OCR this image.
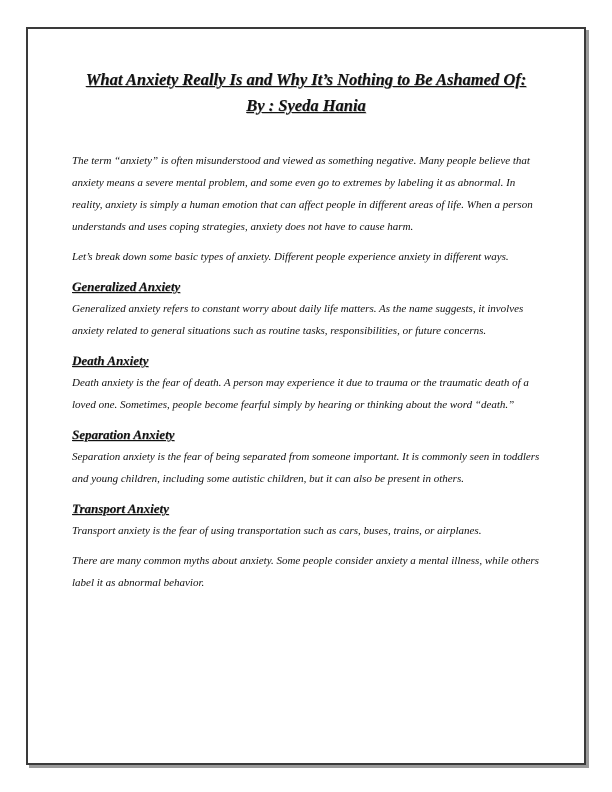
What Anxiety Really Is and Why It’s Nothing to Be Ashamed Of:
By : Syeda Hania

The term “anxiety” is often misunderstood and viewed as something negative. Many people believe that anxiety means a severe mental problem, and some even go to extremes by labeling it as abnormal. In reality, anxiety is simply a human emotion that can affect people in different areas of life. When a person understands and uses coping strategies, anxiety does not have to cause harm.

Let’s break down some basic types of anxiety. Different people experience anxiety in different ways.

Generalized Anxiety

Generalized anxiety refers to constant worry about daily life matters. As the name suggests, it involves anxiety related to general situations such as routine tasks, responsibilities, or future concerns.

Death Anxiety

Death anxiety is the fear of death. A person may experience it due to trauma or the traumatic death of a loved one. Sometimes, people become fearful simply by hearing or thinking about the word “death.”

Separation Anxiety

Separation anxiety is the fear of being separated from someone important. It is commonly seen in toddlers and young children, including some autistic children, but it can also be present in others.

Transport Anxiety

Transport anxiety is the fear of using transportation such as cars, buses, trains, or airplanes.

There are many common myths about anxiety. Some people consider anxiety a mental illness, while others label it as abnormal behavior.
